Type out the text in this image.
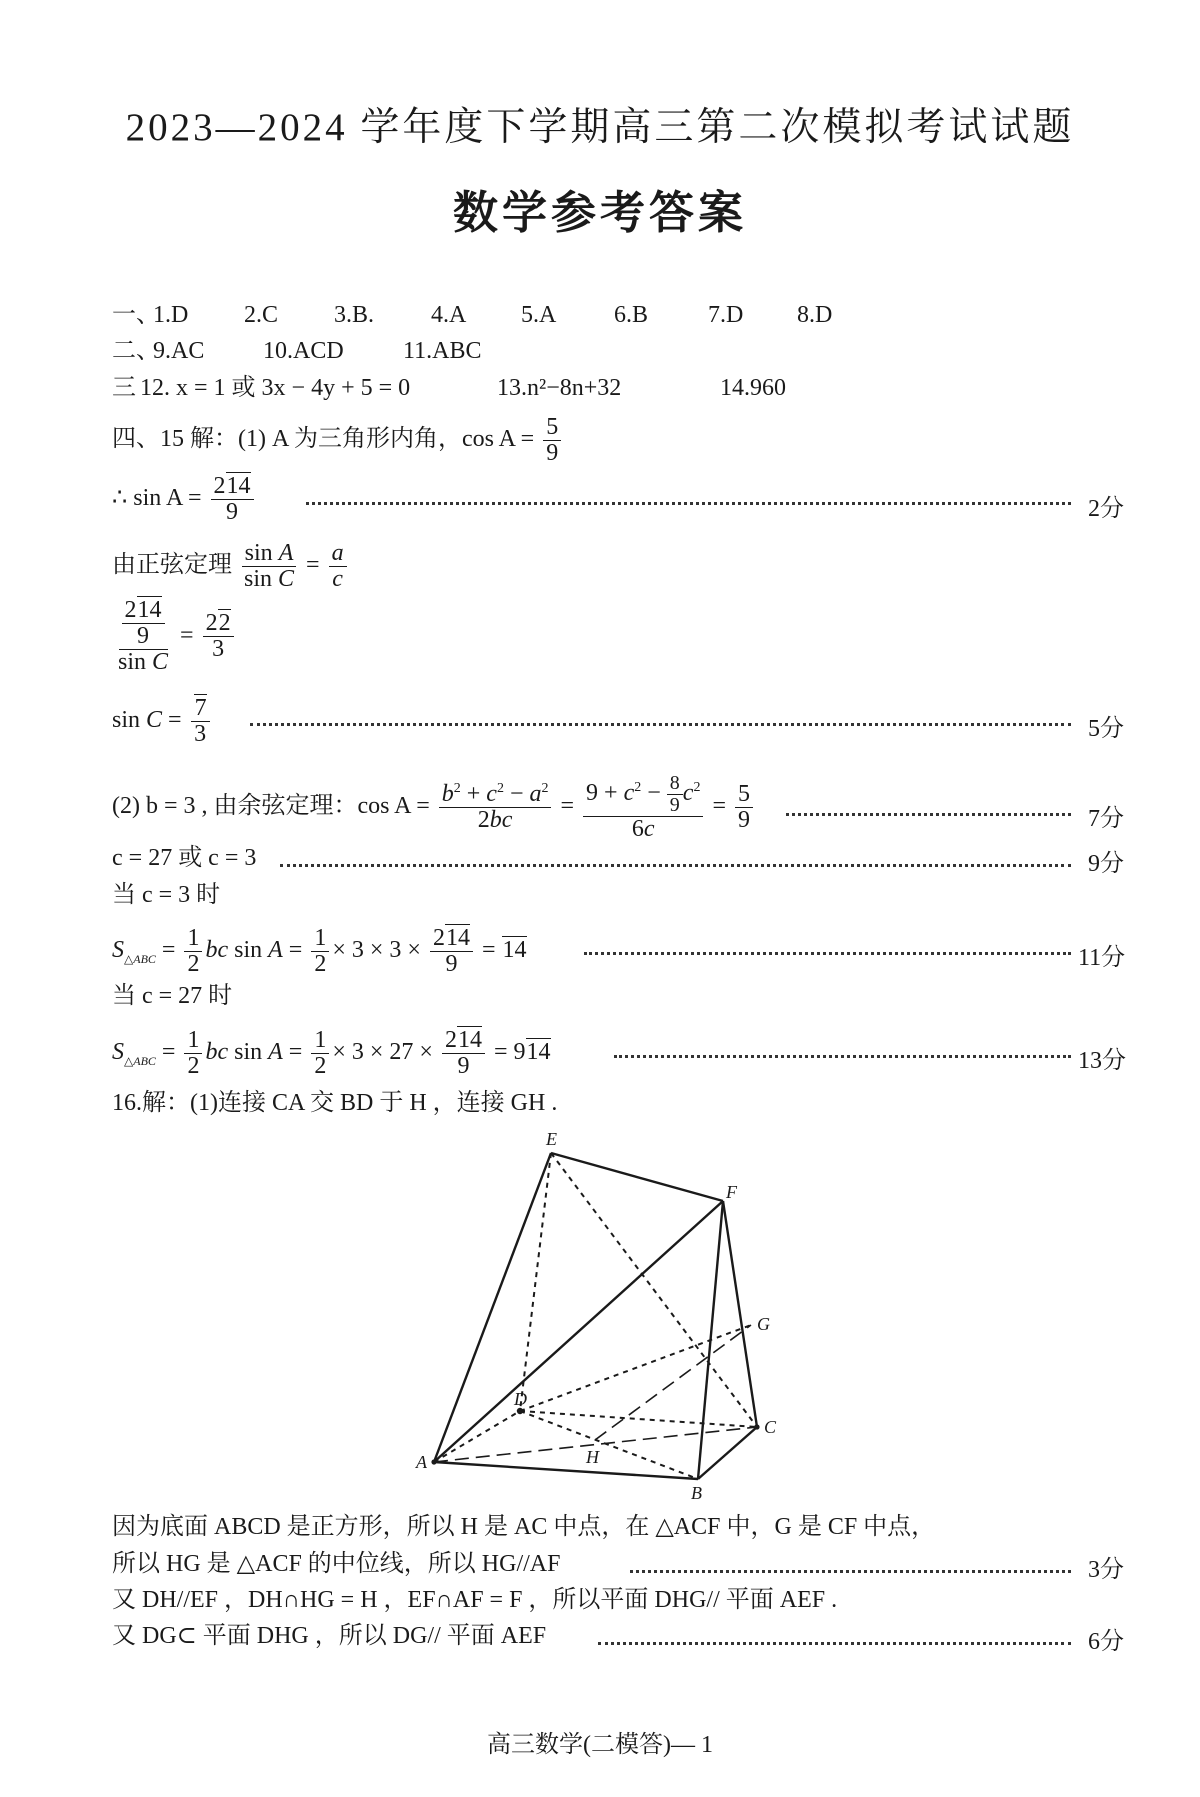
2023—2024 学年度下学期高三第二次模拟考试试题
数学参考答案
一、
1.D 2.C 3.B. 4.A 5.A 6.B 7.D 8.D
二、
9.AC 10.ACD 11.ABC
三 12. x = 1 或 3x − 4y + 5 = 0	13.n²−8n+32	14.960
四、15 解：(1) A 为三角形内角，$\cos A = \frac{5}{9}$
∴ $\sin A = \frac{214}{9}$	2分
由正弦定理 $\frac{\text{sin A}}{\text{sin C}} = \frac{a}{c}$
$\frac{\frac{214}{9}}{\text{sin C}} = \frac{22}{3}$
$\sin C = \frac{7}{3}$	5分
(2) b = 3 , 由余弦定理：$\cos A = \frac{b^2 + c^2 - a^2}{2bc} = \frac{9 + c^2 - \frac{8}{9} c^2}{6c} = \frac{5}{9}$	7分
c = 27 或 c = 3	9分
当 c = 3 时
$S_{\triangle ABC} = \frac{1}{2}$ bc $\sin A = \frac{1}{2} \times 3 \times 3 \times \frac{214}{9} = 14$	11分
当 c = 27 时
$S_{\triangle ABC} = \frac{1}{2}$ bc $\sin A = \frac{1}{2} \times 3 \times 27 \times \frac{214}{9} = 914$	13分
16.解：(1)连接 CA 交 BD 于 H ，连接 GH .
E
F
G
D
C
A	H
B
因为底面 ABCD 是正方形，所以 H 是 AC 中点，在 △ACF 中，G 是 CF 中点，
所以 HG 是 △ACF 的中位线，所以 HG//AF	3分
又 DH//EF ，DH∩HG = H ，EF∩AF = F ，所以平面 DHG// 平面 AEF .
又 DG⊂ 平面 DHG ，所以 DG// 平面 AEF	6分
高三数学(二模答)— 1
